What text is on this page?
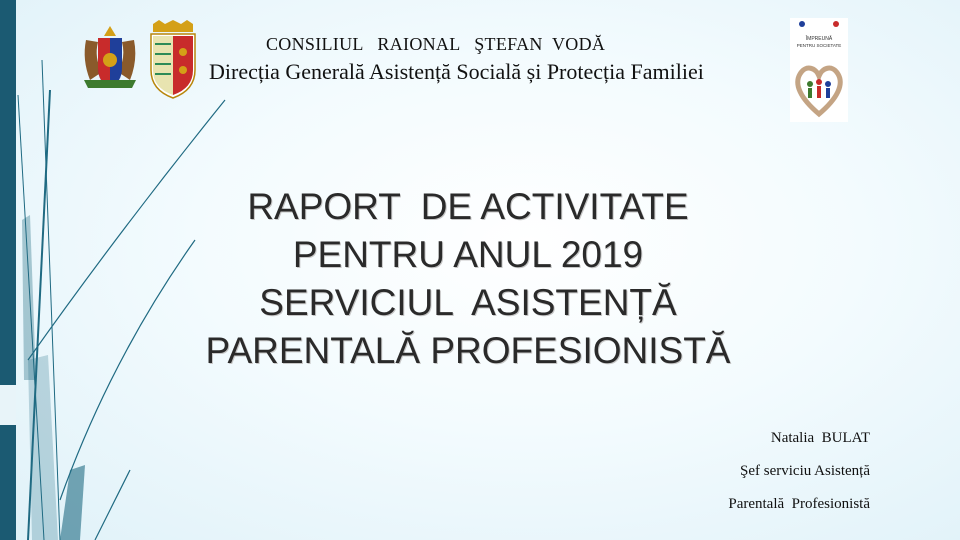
CONSILIUL   RAIONAL   ŞTEFAN  VODĂ
Direcția Generală Asistență Socială și Protecția Familiei
ÎMPREUNĂ
PENTRU SOCIETATE
RAPORT  DE ACTIVITATE
PENTRU ANUL 2019
SERVICIUL  ASISTENȚĂ
PARENTALĂ PROFESIONISTĂ
Natalia  BULAT
Şef serviciu Asistență
Parentală  Profesionistă
